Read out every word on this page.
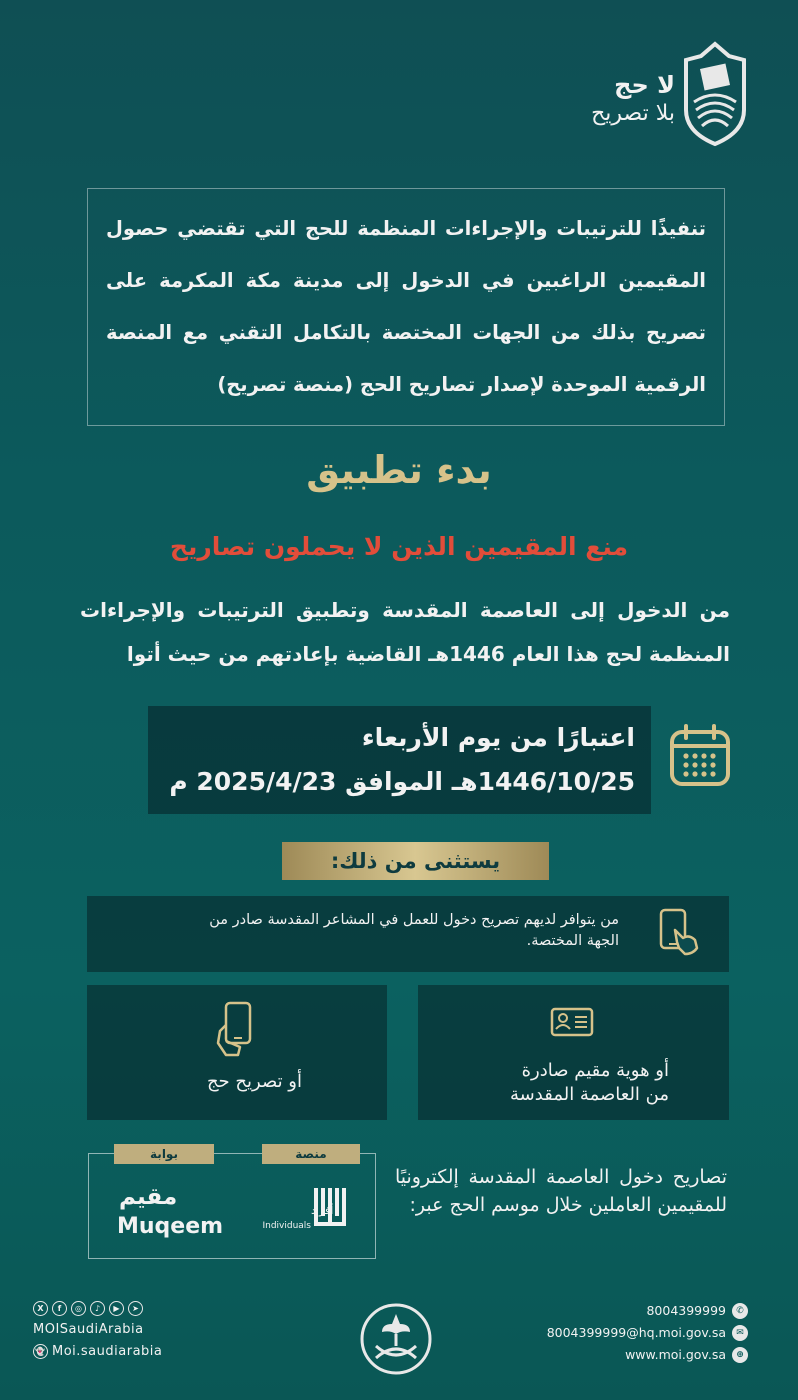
لا حج
بلا تصريح
تنفيذًا للترتيبات والإجراءات المنظمة للحج التي تقتضي حصول المقيمين الراغبين في الدخول إلى مدينة مكة المكرمة على تصريح بذلك من الجهات المختصة بالتكامل التقني مع المنصة الرقمية الموحدة لإصدار تصاريح الحج (منصة تصريح)
بدء تطبيق
منع المقيمين الذين لا يحملون تصاريح
من الدخول إلى العاصمة المقدسة وتطبيق الترتيبات والإجراءات المنظمة لحج هذا العام 1446هـ القاضية بإعادتهم من حيث أتوا
اعتبارًا من يوم الأربعاء
1446/10/25هـ الموافق 2025/4/23 م
يستثنى من ذلك:
من يتوافر لديهم تصريح دخول للعمل في المشاعر المقدسة صادر من الجهة المختصة.
أو تصريح حج
أو هوية مقيم صادرة
من العاصمة المقدسة
بوابة	منصة
مقيم
Muqeem
أفراد
Individuals
تصاريح دخول العاصمة المقدسة إلكترونيًا للمقيمين العاملين خلال موسم الحج عبر:
X	f	◎	♪	▶	➤
MOISaudiArabia
👻 Moi.saudiarabia
8004399999	✆
8004399999@hq.moi.gov.sa	✉
www.moi.gov.sa	⊕
